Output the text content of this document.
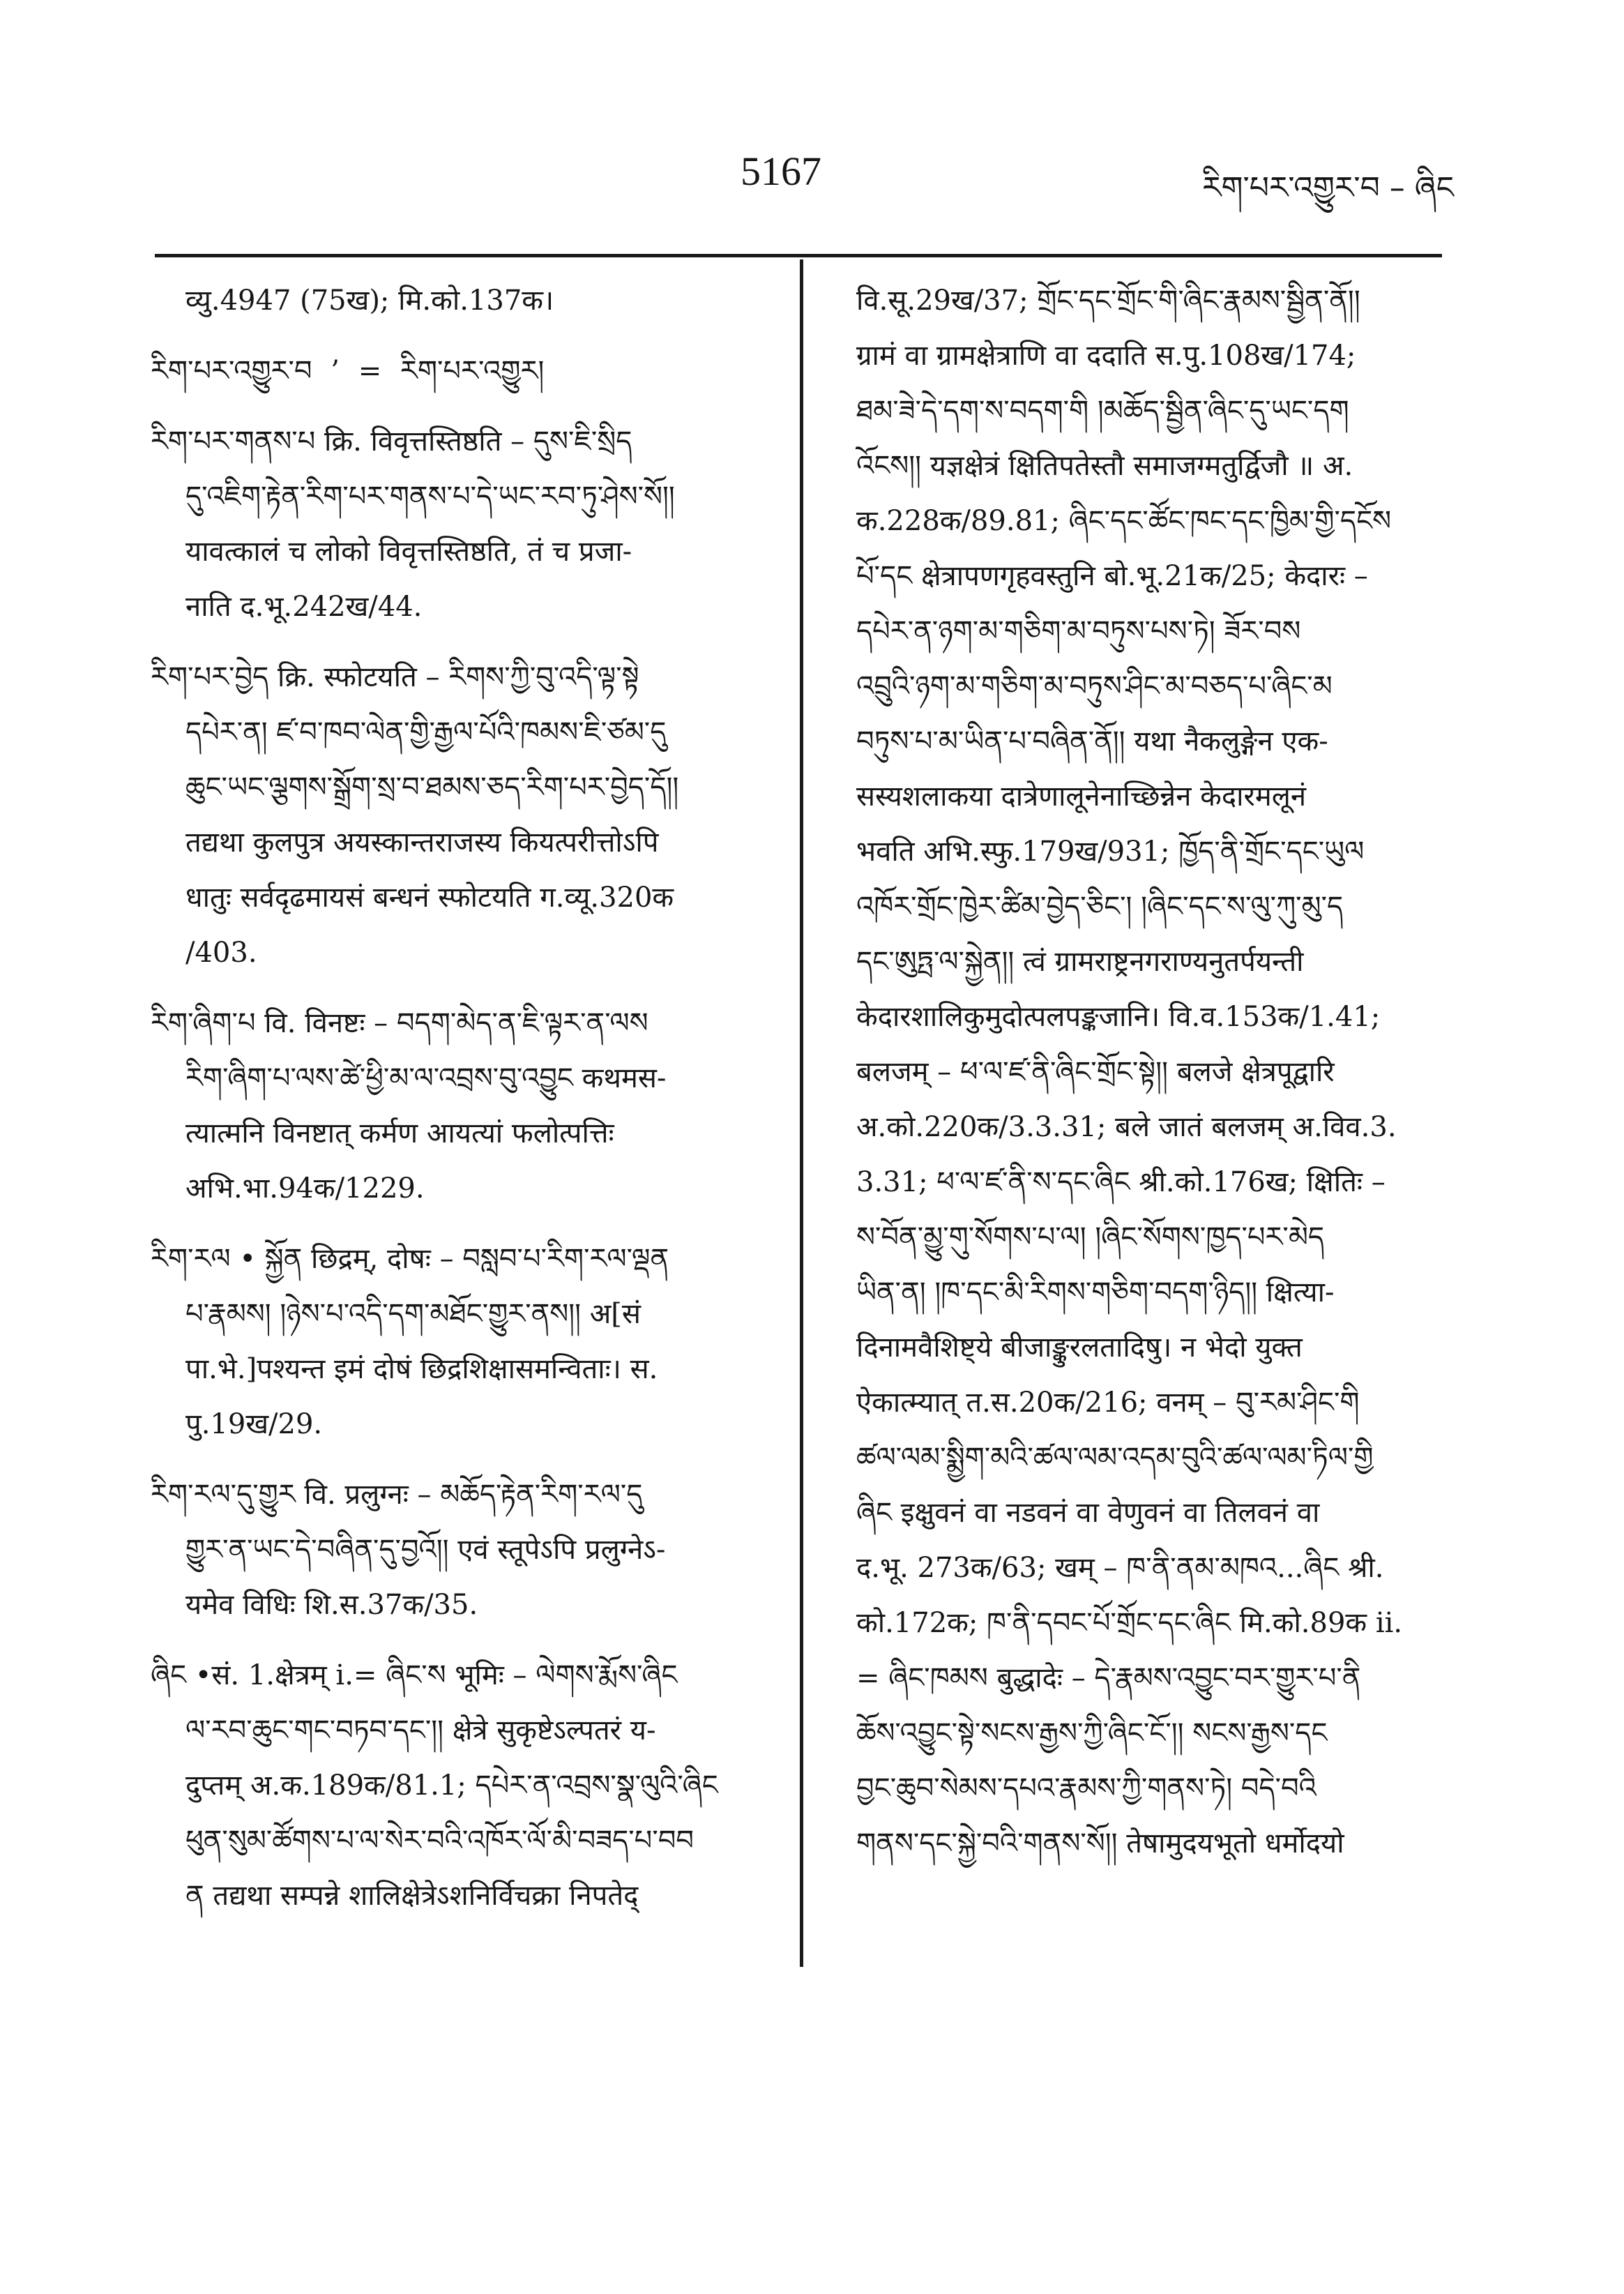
5167	རིག་པར་འགྱུར་བ – ཞིང

व्यु.4947 (75ख); मि.को.137क।

རིག་པར་འགྱུར་བ ’ = རིག་པར་འགྱུར།

རིག་པར་གནས་པ क्रि. विवृत्तस्तिष्ठति – དུས་ཇི་སྲིད

དུ་འཇིག་རྟེན་རིག་པར་གནས་པ་དེ་ཡང་རབ་ཏུ་ཤེས་སོ།།

यावत्कालं च लोको विवृत्तस्तिष्ठति, तं च प्रजा-

नाति द.भू.242ख/44.

རིག་པར་བྱེད क्रि. स्फोटयति – རིགས་ཀྱི་བུ་འདི་ལྟ་སྟེ

དཔེར་ན། ཛ་བ་ཁབ་ལེན་གྱི་རྒྱལ་པོའི་ཁམས་ཇི་ཙམ་དུ

ཆུང་ཡང་ལྕགས་སྒྲོག་སྲ་བ་ཐམས་ཅད་རིག་པར་བྱེད་དོ།།

तद्यथा कुलपुत्र अयस्कान्तराजस्य कियत्परीत्तोऽपि

धातुः सर्वदृढमायसं बन्धनं स्फोटयति ग.व्यू.320क

/403.

རིག་ཞིག་པ वि. विनष्टः – བདག་མེད་ན་ཇི་ལྟར་ན་ལས

རིག་ཞིག་པ་ལས་ཚེ་ཕྱི་མ་ལ་འབྲས་བུ་འབྱུང कथमस-

त्यात्मनि विनष्टात् कर्मण आयत्यां फलोत्पत्तिः

अभि.भा.94क/1229.

རིག་རལ • སྐྱོན छिद्रम्, दोषः – བསླབ་པ་རིག་རལ་ལྡན

པ་རྣམས། །ཉེས་པ་འདི་དག་མཐོང་གྱུར་ནས།། अ[सं

पा.भे.]पश्यन्त इमं दोषं छिद्रशिक्षासमन्विताः। स.

पु.19ख/29.

རིག་རལ་དུ་གྱུར वि. प्रलुग्नः – མཆོད་རྟེན་རིག་རལ་དུ

གྱུར་ན་ཡང་དེ་བཞིན་དུ་བྱའོ།། एवं स्तूपेऽपि प्रलुग्नेऽ-

यमेव विधिः शि.स.37क/35.

ཞིང •सं. 1.क्षेत्रम् i.= ཞིང་ས भूमिः – ལེགས་རྨོས་ཞིང

ལ་རབ་ཆུང་གང་བཏབ་དང་།། क्षेत्रे सुकृष्टेऽल्पतरं य-

दुप्तम् अ.क.189क/81.1; དཔེར་ན་འབྲས་སྣ་ལུའི་ཞིང

ཕུན་སུམ་ཚོགས་པ་ལ་སེར་བའི་འཁོར་ལོ་མི་བཟད་པ་བབ

ན तद्यथा सम्पन्ने शालिक्षेत्रेऽशनिर्विचक्रा निपतेद्

वि.सू.29ख/37; གྲོང་དང་གྲོང་གི་ཞིང་རྣམས་སྦྱིན་ནོ།།

ग्रामं वा ग्रामक्षेत्राणि वा ददाति स.पु.108ख/174;

ཐམ་ཟེ་དེ་དག་ས་བདག་གི །མཆོད་སྦྱིན་ཞིང་དུ་ཡང་དག

འོངས།། यज्ञक्षेत्रं क्षितिपतेस्तौ समाजग्मतुर्द्विजौ ॥ अ.

क.228क/89.81; ཞིང་དང་ཚོང་ཁང་དང་ཁྱིམ་གྱི་དངོས

པོ་དང क्षेत्रापणगृहवस्तुनि बो.भू.21क/25; केदारः –

དཔེར་ན་ཉག་མ་གཅིག་མ་བཏུས་པས་ཏེ། ཟོར་བས

འབྲུའི་ཉག་མ་གཅིག་མ་བཏུས་ཤིང་མ་བཅད་པ་ཞིང་མ

བཏུས་པ་མ་ཡིན་པ་བཞིན་ནོ།། यथा नैकलुङ्गेन एक-

सस्यशलाकया दात्रेणालूनेनाच्छिन्नेन केदारमलूनं

भवति अभि.स्फु.179ख/931; ཁྱོད་ནི་གྲོང་དང་ཡུལ

འཁོར་གྲོང་ཁྱེར་ཚིམ་བྱེད་ཅིང་། །ཞིང་དང་ས་ལུ་ཀུ་མུ་ད

དང་ཨུཏྤ་ལ་སྐྱེན།། त्वं ग्रामराष्ट्रनगराण्यनुतर्पयन्ती

केदारशालिकुमुदोत्पलपङ्कजानि। वि.व.153क/1.41;

बलजम् – ཕ་ལ་ཛ་ནི་ཞིང་གྲོང་སྟེ།། बलजे क्षेत्रपूद्वारि

अ.को.220क/3.3.31; बले जातं बलजम् अ.विव.3.

3.31; ཕ་ལ་ཛ་ནི་ས་དང་ཞིང श्री.को.176ख; क्षितिः –

ས་བོན་མྱུ་གུ་སོགས་པ་ལ། །ཞིང་སོགས་ཁྱད་པར་མེད

ཡིན་ན། །ཁ་དང་མི་རིགས་གཅིག་བདག་ཉིད།། क्षित्या-

दिनामवैशिष्ट्ये बीजाङ्कुरलतादिषु। न भेदो युक्त

ऐकात्म्यात् त.स.20क/216; वनम् – བུ་རམ་ཤིང་གི

ཚལ་ལམ་སྨྱིག་མའི་ཚལ་ལམ་འདམ་བུའི་ཚལ་ལམ་ཏིལ་གྱི

ཞིང इक्षुवनं वा नडवनं वा वेणुवनं वा तिलवनं वा

द.भू. 273क/63; खम् – ཁ་ནི་ནམ་མཁའ...ཞིང श्री.

को.172क; ཁ་ནི་དབང་པོ་གྲོང་དང་ཞིང मि.को.89क ii.

= ཞིང་ཁམས बुद्धादेः – དེ་རྣམས་འབྱུང་བར་གྱུར་པ་ནི

ཆོས་འབྱུང་སྟེ་སངས་རྒྱས་ཀྱི་ཞིང་ངོ་།། སངས་རྒྱས་དང

བྱང་ཆུབ་སེམས་དཔའ་རྣམས་ཀྱི་གནས་ཏེ། བདེ་བའི

གནས་དང་སྐྱེ་བའི་གནས་སོ།། तेषामुदयभूतो धर्मोदयो
